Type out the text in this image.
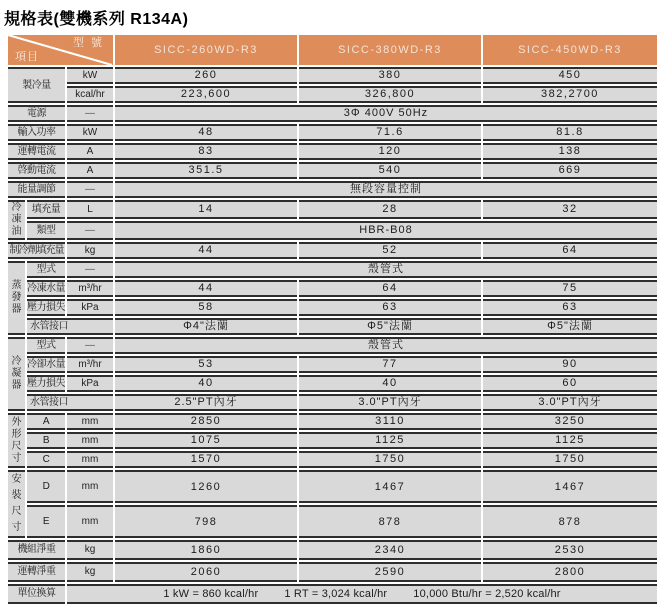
規格表(雙機系列 R134A)
型 號
項目			SICC-260WD-R3	SICC-380WD-R3	SICC-450WD-R3
製冷量		kW	260	380	450
		kcal/hr	223,600	326,800	382,2700
電源		—	3Φ 400V 50Hz		
輸入功率		kW	48	71.6	81.8
運轉電流		A	83	120	138
啓動電流		A	351.5	540	669
能量調節		—	無段容量控制		
冷凍油	填充量	L	14	28	32
	類型	—	HBR-B08		
制冷劑填充量		kg	44	52	64
蒸發器	型式	—	殼管式		
	冷凍水量	m³/hr	44	64	75
	壓力損失	kPa	58	63	63
	水管接口		Φ4"法蘭	Φ5"法蘭	Φ5"法蘭
冷凝器	型式	—	殼管式		
	冷卻水量	m³/hr	53	77	90
	壓力損失	kPa	40	40	60
	水管接口		2.5"PT內牙	3.0"PT內牙	3.0"PT內牙
外形尺寸	A	mm	2850	3110	3250
	B	mm	1075	1125	1125
	C	mm	1570	1750	1750
安裝尺寸	D	mm	1260	1467	1467
	E	mm	798	878	878
機組淨重		kg	1860	2340	2530
運轉淨重		kg	2060	2590	2800
單位換算		1 kW = 860 kcal/hr 1 RT = 3,024 kcal/hr 10,000 Btu/hr = 2,520 kcal/hr			
